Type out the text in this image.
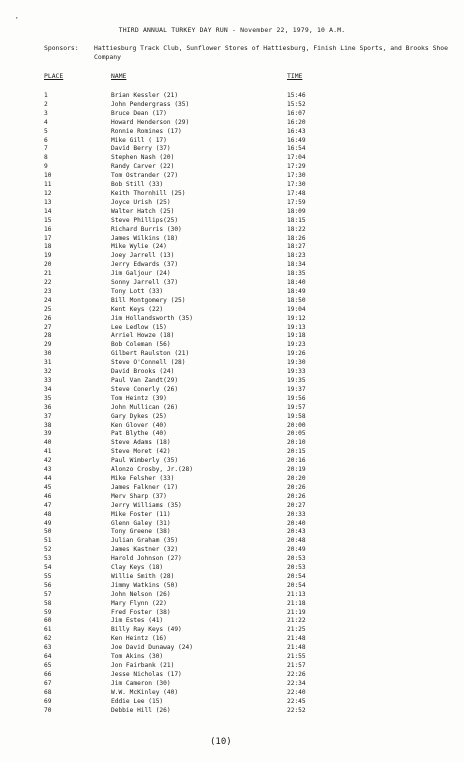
·
THIRD ANNUAL TURKEY DAY RUN - November 22, 1979, 10 A.M.
Sponsors: Hattiesburg Track Club, Sunflower Stores of Hattiesburg, Finish Line Sports, and Brooks Shoe Company
PLACE	NAME	TIME
1	Brian Kessler (21)	15:46
2	John Pendergrass (35)	15:52
3	Bruce Dean (17)	16:07
4	Howard Henderson (29)	16:20
5	Ronnie Romines (17)	16:43
6	Mike Gill ( 17)	16:49
7	David Berry (37)	16:54
8	Stephen Nash (20)	17:04
9	Randy Carver (22)	17:29
10	Tom Ostrander (27)	17:30
11	Bob Still (33)	17:30
12	Keith Thornhill (25)	17:48
13	Joyce Urish (25)	17:59
14	Walter Hatch (25)	18:09
15	Steve Phillips(25)	18:15
16	Richard Burris (30)	18:22
17	James Wilkins (18)	18:26
18	Mike Wylie (24)	18:27
19	Joey Jarrell (13)	18:23
20	Jerry Edwards (37)	18:34
21	Jim Galjour (24)	18:35
22	Sonny Jarrell (37)	18:40
23	Tony Lott (33)	18:49
24	Bill Montgomery (25)	18:50
25	Kent Keys (22)	19:04
26	Jim Hollandsworth (35)	19:12
27	Lee Ledlow (15)	19:13
28	Arriel Howze (18)	19:18
29	Bob Coleman (56)	19:23
30	Gilbert Raulston (21)	19:26
31	Steve O'Connell (28)	19:30
32	David Brooks (24)	19:33
33	Paul Van Zandt(29)	19:35
34	Steve Conerly (26)	19:37
35	Tom Heintz (39)	19:56
36	John Mullican (26)	19:57
37	Gary Dykes (25)	19:58
38	Ken Glover (40)	20:00
39	Pat Blythe (40)	20:05
40	Steve Adams (18)	20:10
41	Steve Moret (42)	20:15
42	Paul Wimberly (35)	20:16
43	Alonzo Crosby, Jr.(28)	20:19
44	Mike Felsher (33)	20:20
45	James Falkner (17)	20:26
46	Merv Sharp (37)	20:26
47	Jerry Williams (35)	20:27
48	Mike Foster (11)	20:33
49	Glenn Galey (31)	20:40
50	Tony Greene (38)	20:43
51	Julian Graham (35)	20:48
52	James Kastner (32)	20:49
53	Harold Johnson (27)	20:53
54	Clay Keys (18)	20:53
55	Willie Smith (28)	20:54
56	Jimmy Watkins (50)	20:54
57	John Nelson (26)	21:13
58	Mary Flynn (22)	21:18
59	Fred Foster (38)	21:19
60	Jim Estes (41)	21:22
61	Billy Ray Keys (49)	21:25
62	Ken Heintz (16)	21:48
63	Joe David Dunaway (24)	21:48
64	Tom Akins (30)	21:55
65	Jon Fairbank (21)	21:57
66	Jesse Nicholas (17)	22:26
67	Jim Cameron (30)	22:34
68	W.W. McKinley (40)	22:40
69	Eddie Lee (15)	22:45
70	Debbie Hill (26)	22:52
(10)
